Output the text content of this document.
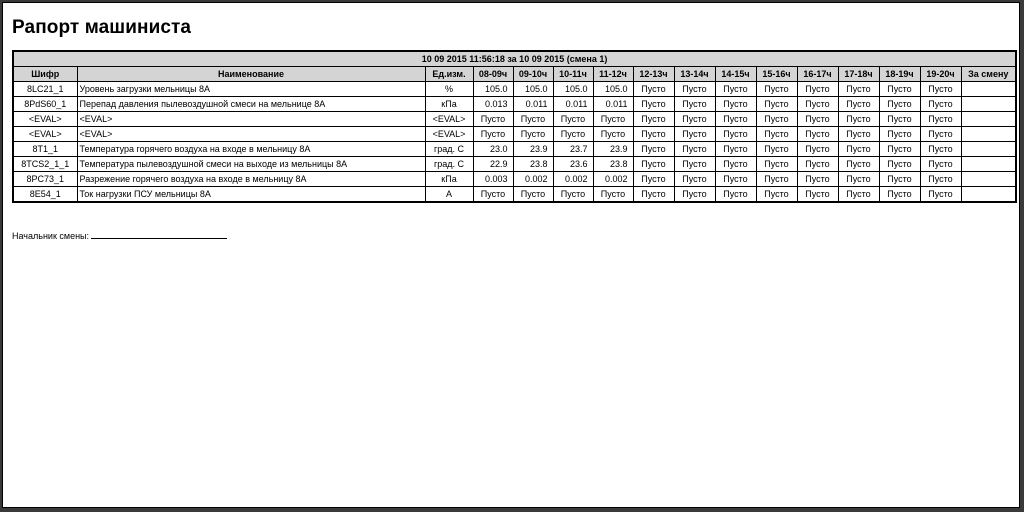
Рапорт машиниста
10 09 2015 11:56:18 за 10 09 2015 (смена 1)															
Шифр	Наименование	Ед.изм.	08-09ч	09-10ч	10-11ч	11-12ч	12-13ч	13-14ч	14-15ч	15-16ч	16-17ч	17-18ч	18-19ч	19-20ч	За смену
8LC21_1	Уровень загрузки мельницы 8А	%	105.0	105.0	105.0	105.0	Пусто	Пусто	Пусто	Пусто	Пусто	Пусто	Пусто	Пусто	
8PdS60_1	Перепад давления пылевоздушной смеси на мельнице 8А	кПа	0.013	0.011	0.011	0.011	Пусто	Пусто	Пусто	Пусто	Пусто	Пусто	Пусто	Пусто	
<EVAL>	<EVAL>	<EVAL>	Пусто	Пусто	Пусто	Пусто	Пусто	Пусто	Пусто	Пусто	Пусто	Пусто	Пусто	Пусто	
<EVAL>	<EVAL>	<EVAL>	Пусто	Пусто	Пусто	Пусто	Пусто	Пусто	Пусто	Пусто	Пусто	Пусто	Пусто	Пусто	
8T1_1	Температура горячего воздуха на входе в мельницу 8А	град. С	23.0	23.9	23.7	23.9	Пусто	Пусто	Пусто	Пусто	Пусто	Пусто	Пусто	Пусто	
8TCS2_1_1	Температура пылевоздушной смеси на выходе из мельницы 8А	град. С	22.9	23.8	23.6	23.8	Пусто	Пусто	Пусто	Пусто	Пусто	Пусто	Пусто	Пусто	
8PC73_1	Разрежение горячего воздуха на входе в мельницу 8А	кПа	0.003	0.002	0.002	0.002	Пусто	Пусто	Пусто	Пусто	Пусто	Пусто	Пусто	Пусто	
8E54_1	Ток нагрузки ПСУ мельницы 8А	А	Пусто	Пусто	Пусто	Пусто	Пусто	Пусто	Пусто	Пусто	Пусто	Пусто	Пусто	Пусто	
Начальник смены:
